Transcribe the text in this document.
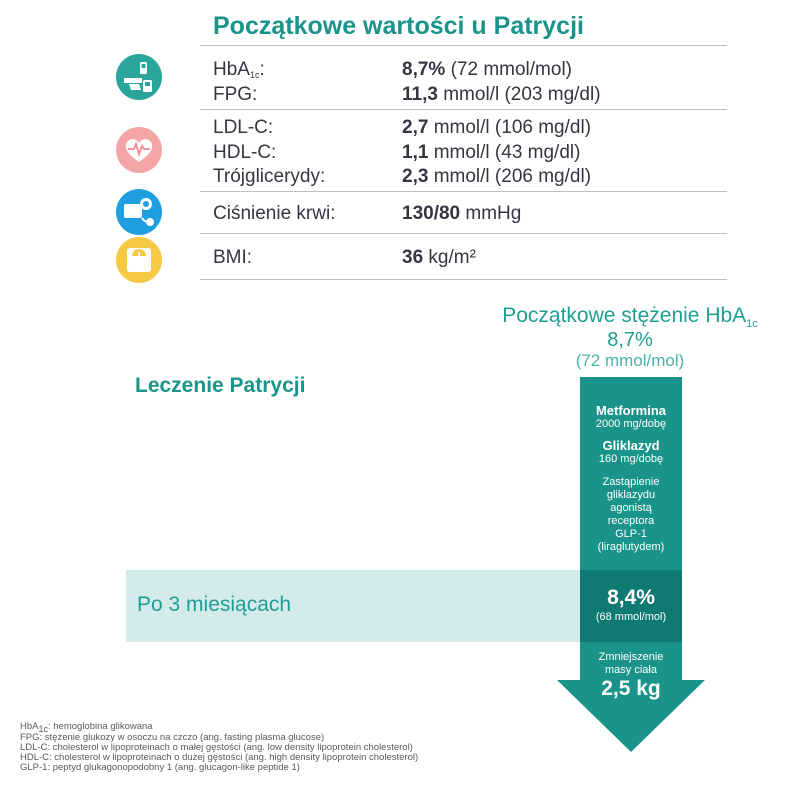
Początkowe wartości u Patrycji
HbA$_{1c}$:	8,7% (72 mmol/mol)
FPG:	11,3 mmol/l (203 mg/dl)
LDL-C:	2,7 mmol/l (106 mg/dl)
HDL-C:	1,1 mmol/l (43 mg/dl)
Trójglicerydy:	2,3 mmol/l (206 mg/dl)
Ciśnienie krwi:	130/80 mmHg
BMI:	36 kg/m²
Początkowe stężenie HbA$_{1c}$
8,7%
(72 mmol/mol)
Leczenie Patrycji
Po 3 miesiącach
Metformina
2000 mg/dobę
Gliklazyd
160 mg/dobę
Zastąpienie
gliklazydu
agonistą
receptora
GLP-1
(liraglutydem)
8,4%
(68 mmol/mol)
Zmniejszenie
masy ciała
2,5 kg
HbA$_{1c}$: hemoglobina glikowana
FPG: stężenie glukozy w osoczu na czczo (ang. fasting plasma glucose)
LDL-C: cholesterol w lipoproteinach o małej gęstości (ang. low density lipoprotein cholesterol)
HDL-C: cholesterol w lipoproteinach o dużej gęstości (ang. high density lipoprotein cholesterol)
GLP-1: peptyd glukagonopodobny 1 (ang. glucagon-like peptide 1)
